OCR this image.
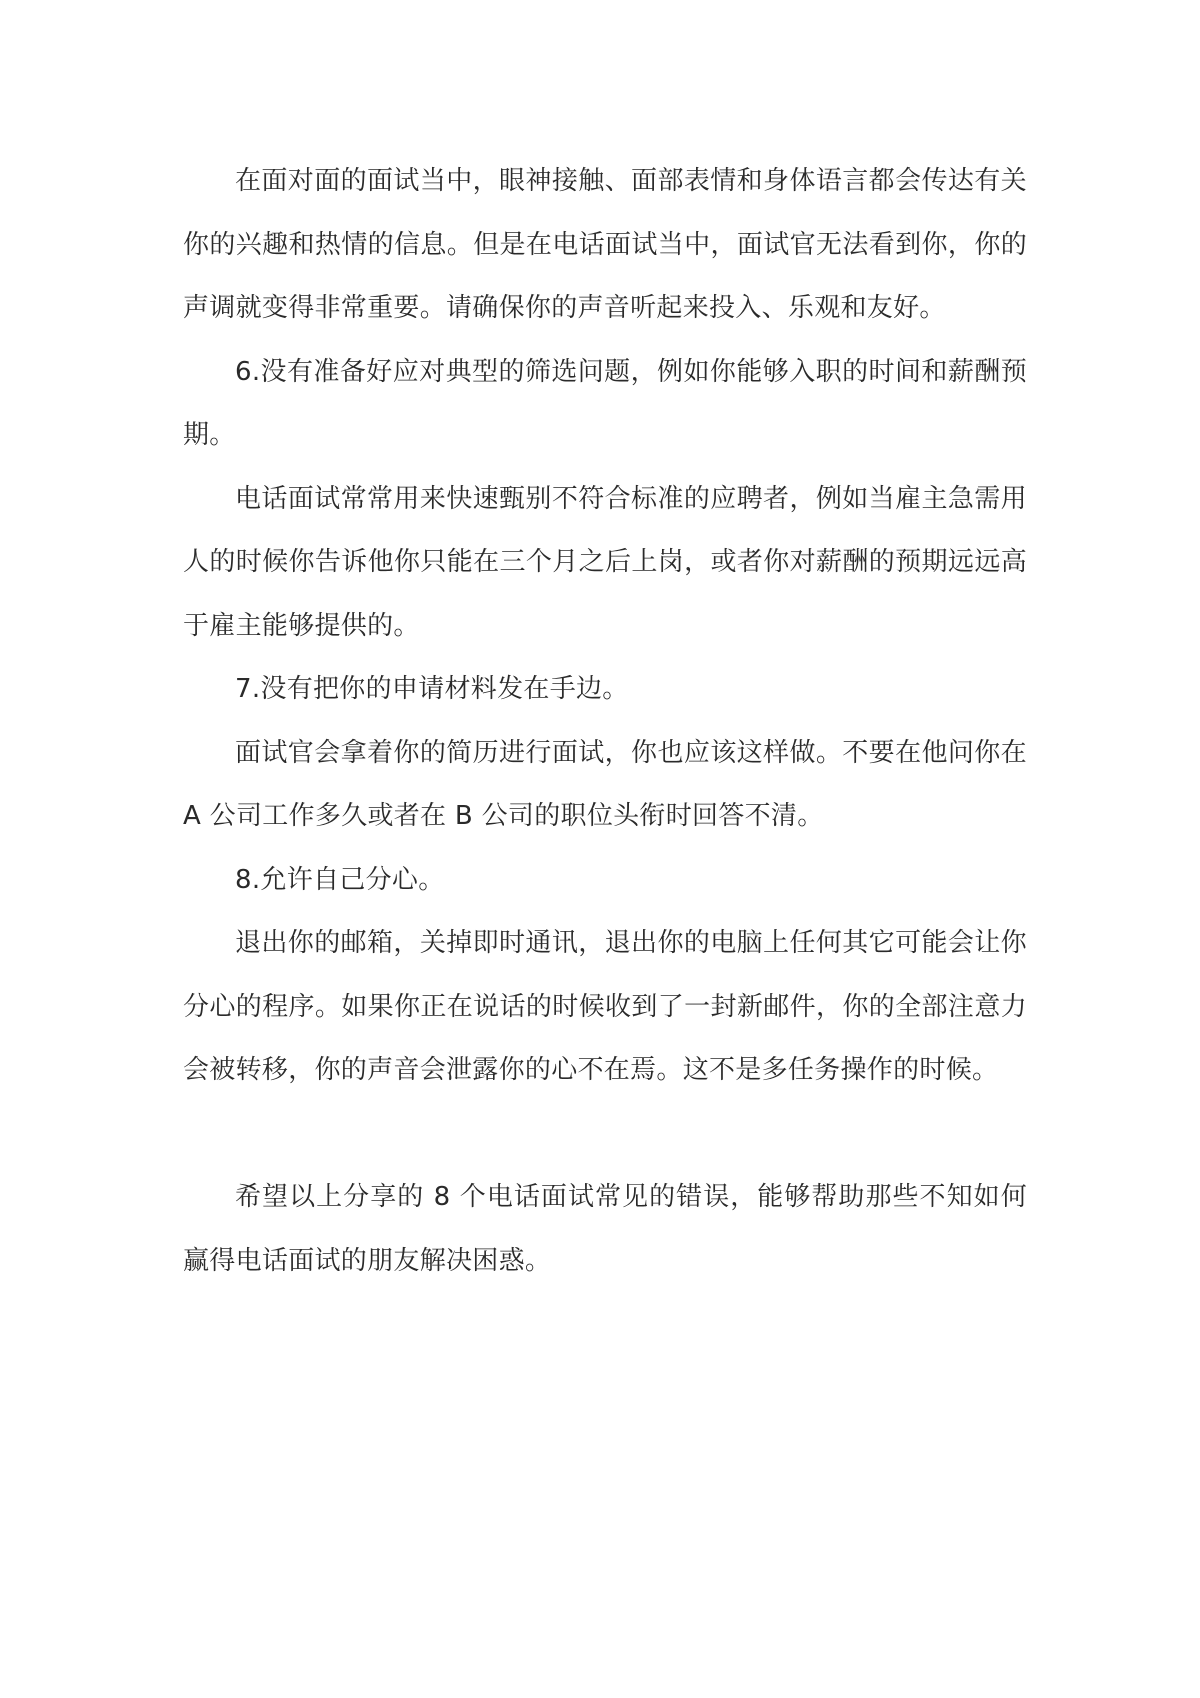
在面对面的面试当中，眼神接触、面部表情和身体语言都会传达有关你的兴趣和热情的信息。但是在电话面试当中，面试官无法看到你，你的声调就变得非常重要。请确保你的声音听起来投入、乐观和友好。

6.没有准备好应对典型的筛选问题，例如你能够入职的时间和薪酬预期。

电话面试常常用来快速甄别不符合标准的应聘者，例如当雇主急需用人的时候你告诉他你只能在三个月之后上岗，或者你对薪酬的预期远远高于雇主能够提供的。

7.没有把你的申请材料发在手边。

面试官会拿着你的简历进行面试，你也应该这样做。不要在他问你在 A 公司工作多久或者在 B 公司的职位头衔时回答不清。

8.允许自己分心。

退出你的邮箱，关掉即时通讯，退出你的电脑上任何其它可能会让你分心的程序。如果你正在说话的时候收到了一封新邮件，你的全部注意力会被转移，你的声音会泄露你的心不在焉。这不是多任务操作的时候。

希望以上分享的 8 个电话面试常见的错误，能够帮助那些不知如何赢得电话面试的朋友解决困惑。
